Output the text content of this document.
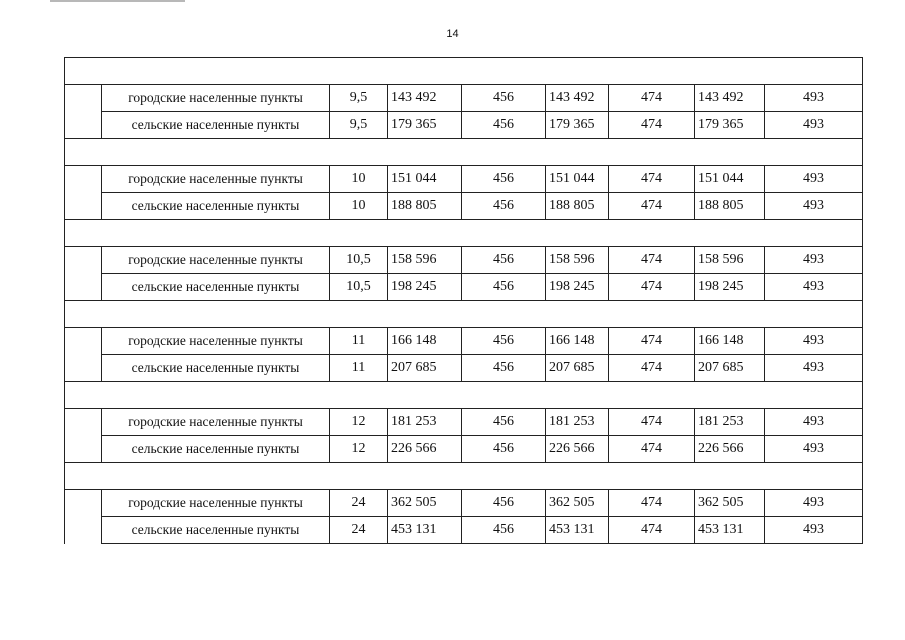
14

	городские населенные пункты	9,5	143 492	456	143 492	474	143 492	493
	сельские населенные пункты	9,5	179 365	456	179 365	474	179 365	493

	городские населенные пункты	10	151 044	456	151 044	474	151 044	493
	сельские населенные пункты	10	188 805	456	188 805	474	188 805	493

	городские населенные пункты	10,5	158 596	456	158 596	474	158 596	493
	сельские населенные пункты	10,5	198 245	456	198 245	474	198 245	493

	городские населенные пункты	11	166 148	456	166 148	474	166 148	493
	сельские населенные пункты	11	207 685	456	207 685	474	207 685	493

	городские населенные пункты	12	181 253	456	181 253	474	181 253	493
	сельские населенные пункты	12	226 566	456	226 566	474	226 566	493

	городские населенные пункты	24	362 505	456	362 505	474	362 505	493
	сельские населенные пункты	24	453 131	456	453 131	474	453 131	493
